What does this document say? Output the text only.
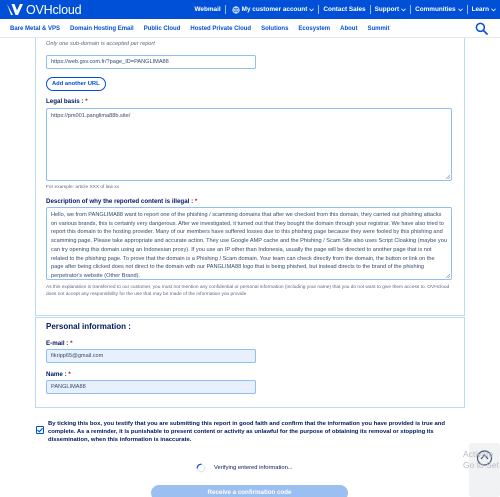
OVHcloud	Webmail	My customer account	Contact Sales Support	Communities	Learn
Bare Metal & VPS Domain Hosting Email Public Cloud Hosted Private Cloud Solutions Ecosystem About Summit
Only one sub-domain is accepted per report
https://web.gsv.com.fr/?page_ID=PANGLIMA88
Add another URL
Legal basis : *
https://pm001.panglima88b.site/
For example: article XXX of law xx
Description of why the reported content is illegal : *
Hello, we from PANGLIMA88 want to report one of the phishing / scamming domains that after we checked from this domain, they carried out phishing attacks on various brands, this is certainly very dangerous. After we investigated, it turned out that they bought the domain through your registrar. We have also tried to report this domain to the hosting provider. Many of our members have suffered losses due to this phishing page because they were fooled by this phishing and scamming page. Please take appropriate and accurate action. They use Google AMP cache and the Phishing / Scam Site also uses Script Cloaking (maybe you can try opening this domain using an Indonesian proxy). If you use an IP other than Indonesia, usually the page will be directed to another page that is not related to the phishing page. To prove that the domain is a Phishing / Scam domain. Your team can check directly from the domain, the button or link on the page after being clicked does not direct to the domain with our PANGLIMA88 logo that is being phished, but instead directs to the brand of the phishing perpetrator's website (Other Brand).
As this explanation is transferred to our customer, you must not mention any confidential or personal information (including your name) that you do not want to give them access to. OVHcloud does not accept any responsibility for the use that may be made of the information you provide
Personal information :
E-mail : *
fikripp65@gmail.com
Name : *
PANGLIMA88
By ticking this box, you testify that you are submitting this report in good faith and confirm that the information you have provided is true and complete. As a reminder, it is punishable to present content or activity as unlawful for the purpose of obtaining its removal or stopping its dissemination, when this information is inaccurate.
Verifying entered information...
Receive a confirmation code
Activate
Go to Set
